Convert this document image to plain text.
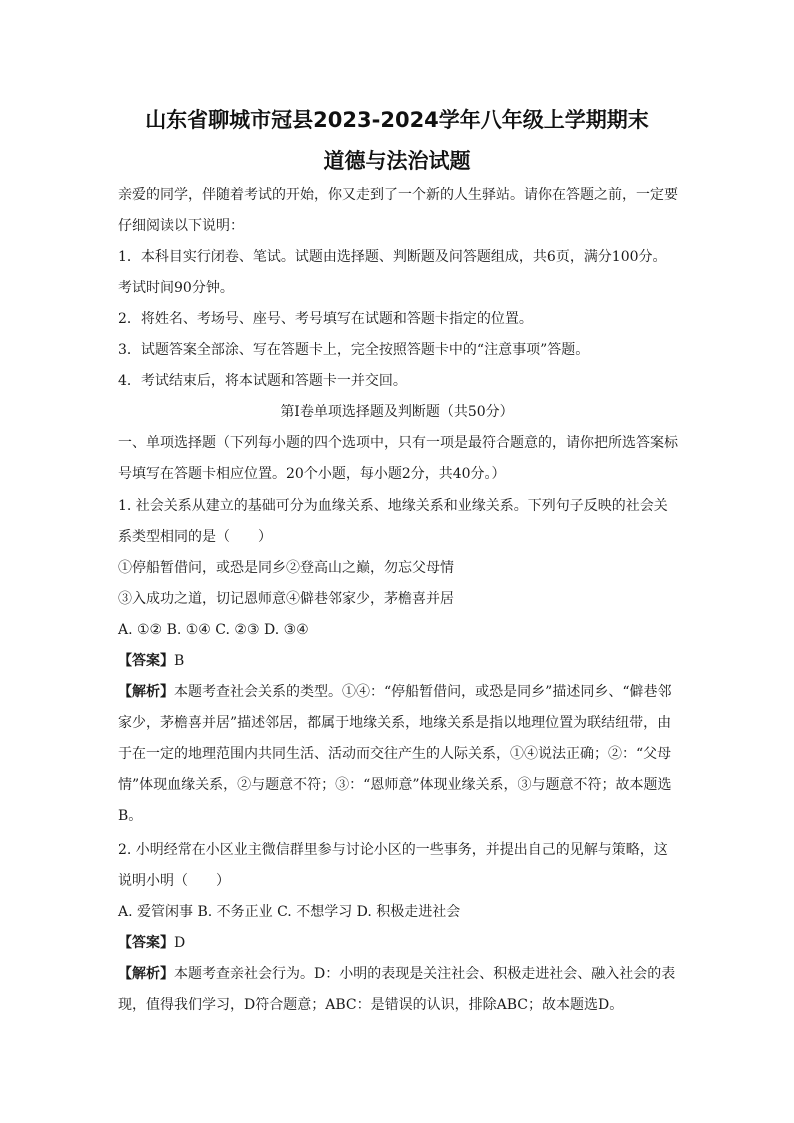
山东省聊城市冠县2023-2024学年八年级上学期期末
道德与法治试题
亲爱的同学，伴随着考试的开始，你又走到了一个新的人生驿站。请你在答题之前，一定要
仔细阅读以下说明：
1．本科目实行闭卷、笔试。试题由选择题、判断题及问答题组成，共6页，满分100分。
考试时间90分钟。
2．将姓名、考场号、座号、考号填写在试题和答题卡指定的位置。
3．试题答案全部涂、写在答题卡上，完全按照答题卡中的“注意事项”答题。
4．考试结束后，将本试题和答题卡一并交回。
第Ⅰ卷单项选择题及判断题（共50分）
一、单项选择题（下列每小题的四个选项中，只有一项是最符合题意的，请你把所选答案标
号填写在答题卡相应位置。20个小题，每小题2分，共40分。）
1. 社会关系从建立的基础可分为血缘关系、地缘关系和业缘关系。下列句子反映的社会关
系类型相同的是（　　）
①停船暂借问，或恐是同乡②登高山之巅，勿忘父母情
③入成功之道，切记恩师意④僻巷邻家少，茅檐喜并居
A. ①② B. ①④ C. ②③ D. ③④
【答案】B
【解析】本题考查社会关系的类型。①④：“停船暂借问，或恐是同乡”描述同乡、“僻巷邻
家少，茅檐喜并居”描述邻居，都属于地缘关系，地缘关系是指以地理位置为联结纽带，由
于在一定的地理范围内共同生活、活动而交往产生的人际关系，①④说法正确；②：“父母
情”体现血缘关系，②与题意不符；③：“恩师意”体现业缘关系，③与题意不符；故本题选
B。
2. 小明经常在小区业主微信群里参与讨论小区的一些事务，并提出自己的见解与策略，这
说明小明（　　）
A. 爱管闲事 B. 不务正业 C. 不想学习 D. 积极走进社会
【答案】D
【解析】本题考查亲社会行为。D：小明的表现是关注社会、积极走进社会、融入社会的表
现，值得我们学习，D符合题意；ABC：是错误的认识，排除ABC；故本题选D。
